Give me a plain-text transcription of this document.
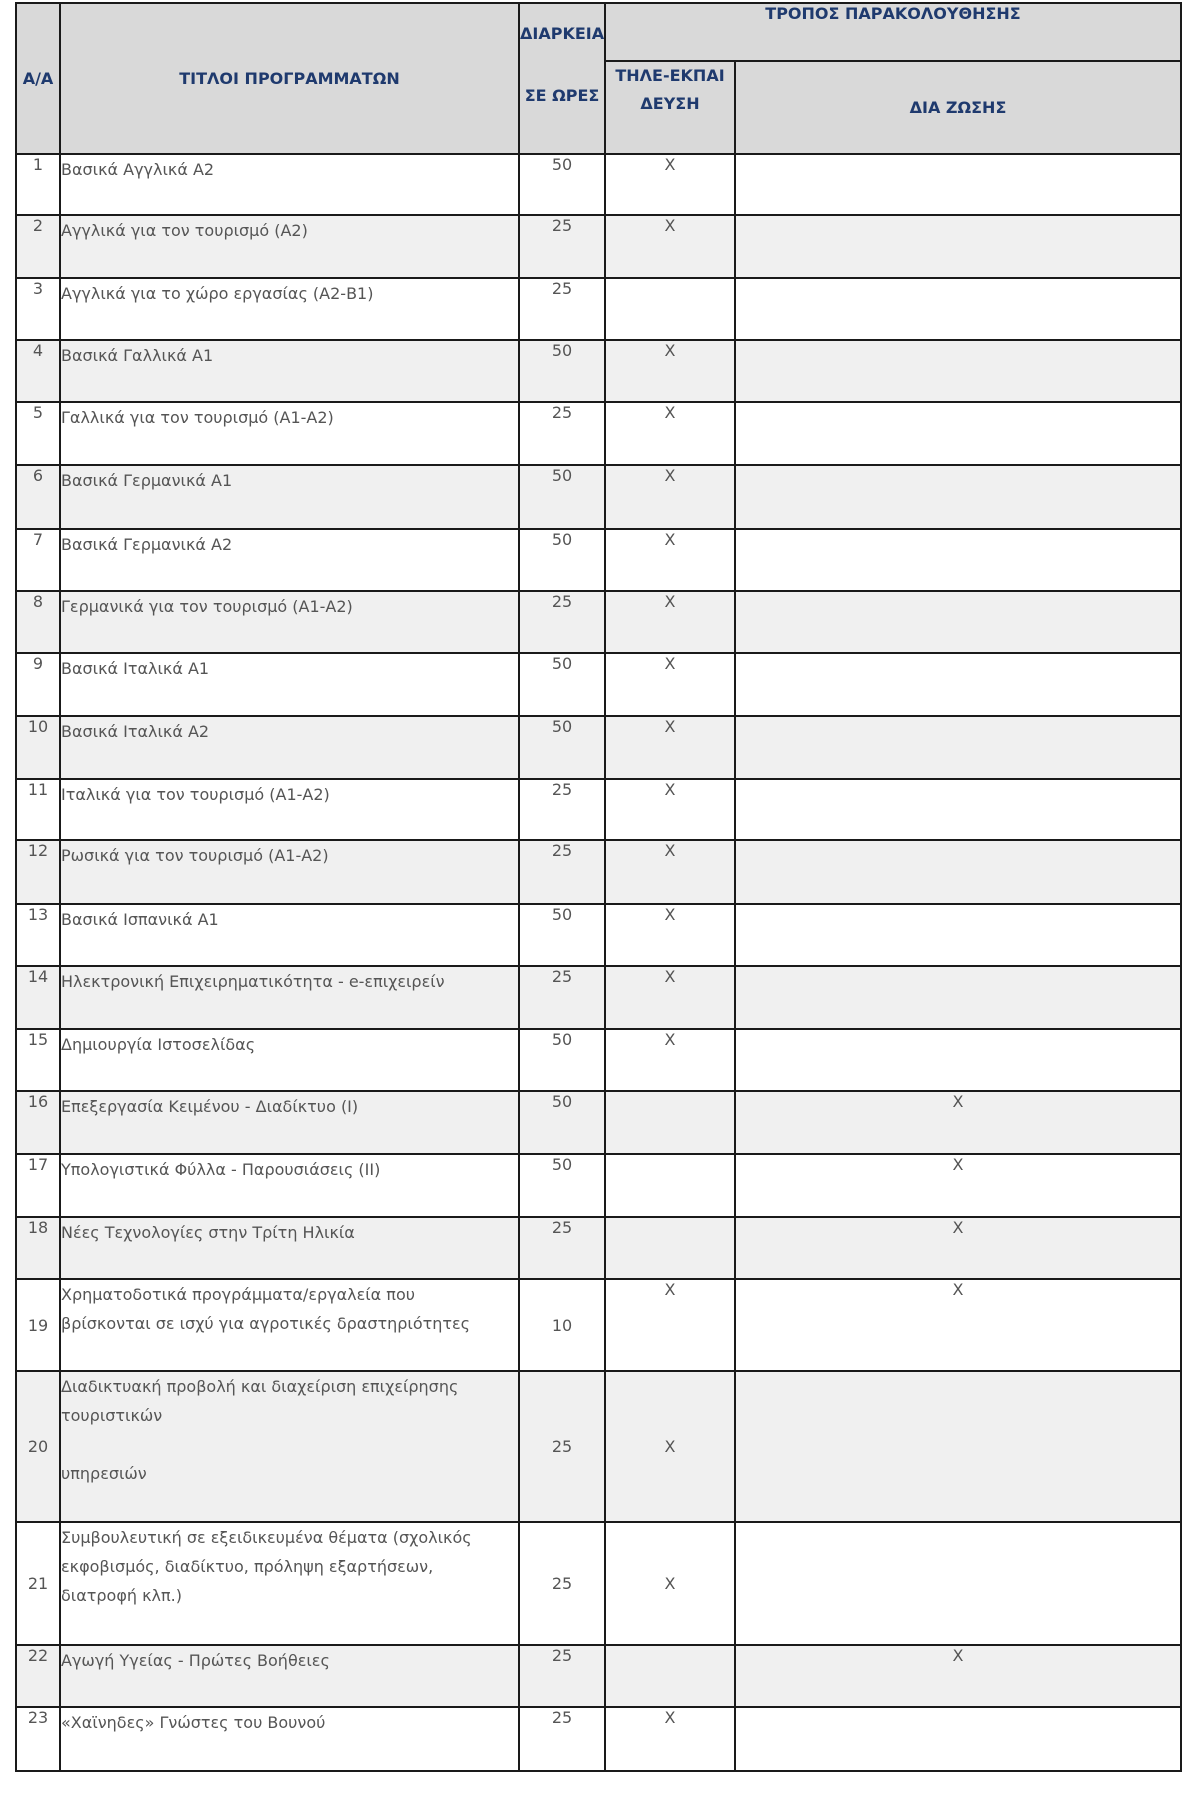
Α/Α	ΤΙΤΛΟΙ ΠΡΟΓΡΑΜΜΑΤΩΝ	ΔΙΑΡΚΕΙΑ
ΣΕ ΩΡΕΣ	ΤΡΟΠΟΣ ΠΑΡΑΚΟΛΟΥΘΗΣΗΣ	
			ΤΗΛΕ-ΕΚΠΑΙ ΔΕΥΣΗ	ΔΙΑ ΖΩΣΗΣ
1	Βασικά Αγγλικά Α2	50	Χ	
2	Αγγλικά για τον τουρισμό (Α2)	25	Χ	
3	Αγγλικά για το χώρο εργασίας (Α2-Β1)	25		
4	Βασικά Γαλλικά Α1	50	Χ	
5	Γαλλικά για τον τουρισμό (Α1-Α2)	25	Χ	
6	Βασικά Γερμανικά Α1	50	Χ	
7	Βασικά Γερμανικά Α2	50	Χ	
8	Γερμανικά για τον τουρισμό (Α1-Α2)	25	Χ	
9	Βασικά Ιταλικά Α1	50	Χ	
10	Βασικά Ιταλικά Α2	50	Χ	
11	Ιταλικά για τον τουρισμό (Α1-Α2)	25	Χ	
12	Ρωσικά για τον τουρισμό (Α1-Α2)	25	Χ	
13	Βασικά Ισπανικά Α1	50	Χ	
14	Ηλεκτρονική Επιχειρηματικότητα - e-επιχειρείν	25	Χ	
15	Δημιουργία Ιστοσελίδας	50	Χ	
16	Επεξεργασία Κειμένου - Διαδίκτυο (Ι)	50		Χ
17	Υπολογιστικά Φύλλα - Παρουσιάσεις (ΙΙ)	50		Χ
18	Νέες Τεχνολογίες στην Τρίτη Ηλικία	25		Χ
19	Χρηματοδοτικά προγράμματα/εργαλεία που
βρίσκονται σε ισχύ για αγροτικές δραστηριότητες	10	Χ	Χ
20	Διαδικτυακή προβολή και διαχείριση επιχείρησης
τουριστικών

υπηρεσιών	25	Χ	
21	Συμβουλευτική σε εξειδικευμένα θέματα (σχολικός
εκφοβισμός, διαδίκτυο, πρόληψη εξαρτήσεων,
διατροφή κλπ.)	25	Χ	
22	Αγωγή Υγείας - Πρώτες Βοήθειες	25		Χ
23	«Χαϊνηδες» Γνώστες του Βουνού	25	Χ	
